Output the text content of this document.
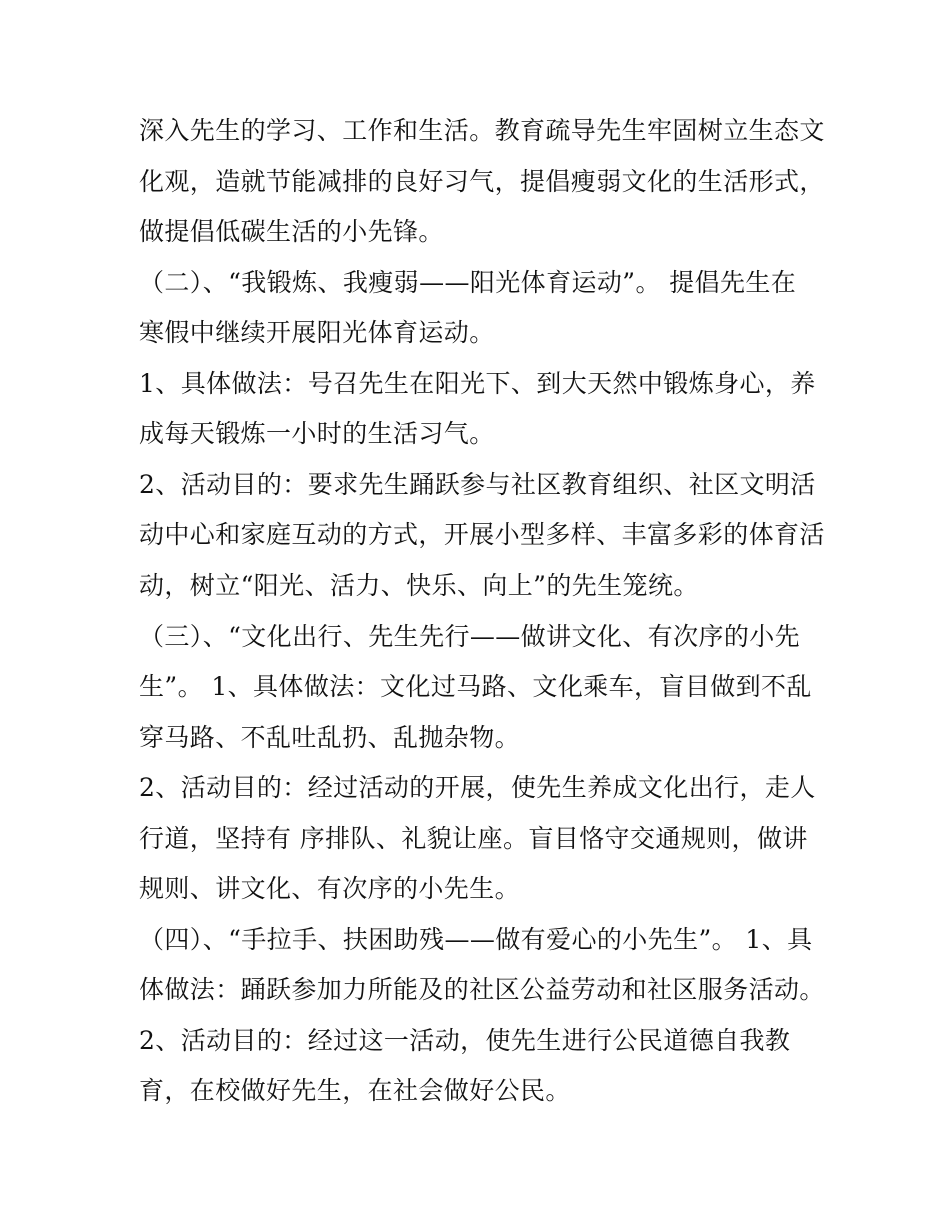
深入先生的学习、工作和生活。教育疏导先生牢固树立生态文
化观，造就节能减排的良好习气，提倡瘦弱文化的生活形式，
做提倡低碳生活的小先锋。
（二）、“我锻炼、我瘦弱——阳光体育运动”。 提倡先生在
寒假中继续开展阳光体育运动。
1、具体做法：号召先生在阳光下、到大天然中锻炼身心，养
成每天锻炼一小时的生活习气。
2、活动目的：要求先生踊跃参与社区教育组织、社区文明活
动中心和家庭互动的方式，开展小型多样、丰富多彩的体育活
动，树立“阳光、活力、快乐、向上”的先生笼统。
（三）、“文化出行、先生先行——做讲文化、有次序的小先
生”。 1、具体做法：文化过马路、文化乘车，盲目做到不乱
穿马路、不乱吐乱扔、乱抛杂物。
2、活动目的：经过活动的开展，使先生养成文化出行，走人
行道，坚持有 序排队、礼貌让座。盲目恪守交通规则，做讲
规则、讲文化、有次序的小先生。
（四）、“手拉手、扶困助残——做有爱心的小先生”。 1、具
体做法：踊跃参加力所能及的社区公益劳动和社区服务活动。
2、活动目的：经过这一活动，使先生进行公民道德自我教
育，在校做好先生，在社会做好公民。
